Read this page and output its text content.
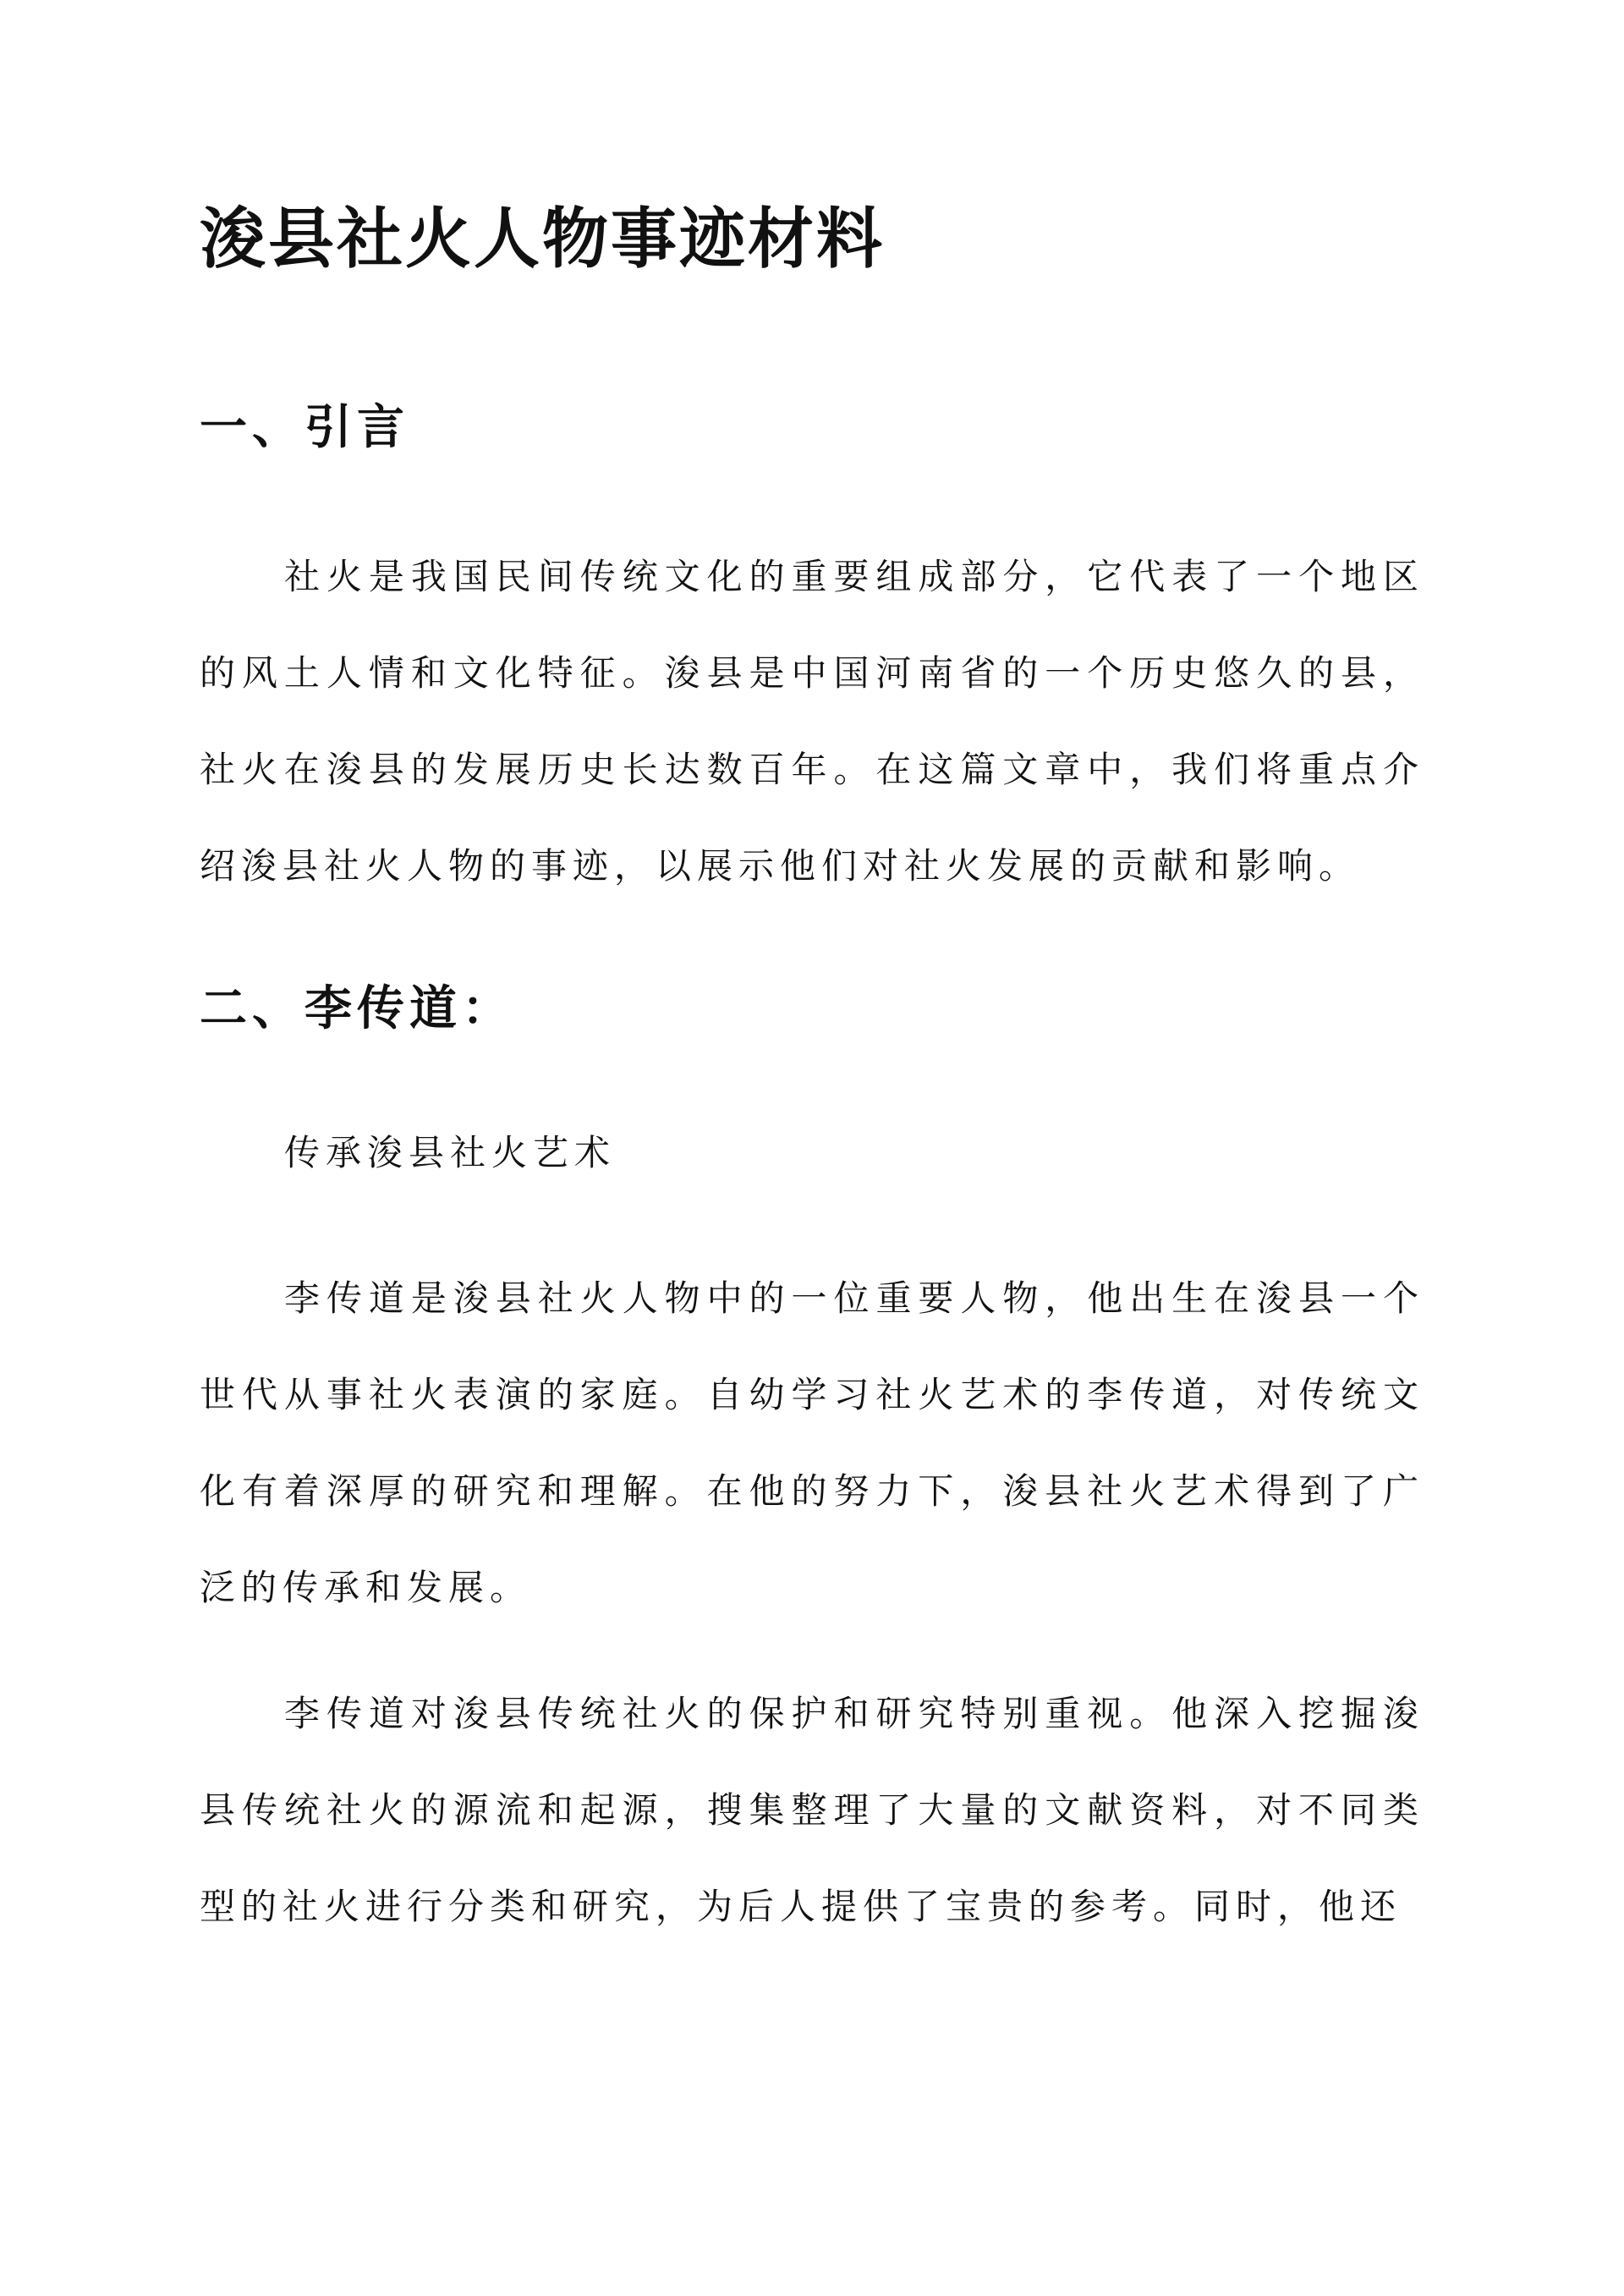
浚县社火人物事迹材料
一、引言

社火是我国民间传统文化的重要组成部分，它代表了一个地区的风土人情和文化特征。浚县是中国河南省的一个历史悠久的县，社火在浚县的发展历史长达数百年。在这篇文章中，我们将重点介绍浚县社火人物的事迹，以展示他们对社火发展的贡献和影响。

二、李传道：

传承浚县社火艺术

李传道是浚县社火人物中的一位重要人物，他出生在浚县一个世代从事社火表演的家庭。自幼学习社火艺术的李传道，对传统文化有着深厚的研究和理解。在他的努力下，浚县社火艺术得到了广泛的传承和发展。

李传道对浚县传统社火的保护和研究特别重视。他深入挖掘浚县传统社火的源流和起源，搜集整理了大量的文献资料，对不同类型的社火进行分类和研究，为后人提供了宝贵的参考。同时，他还
